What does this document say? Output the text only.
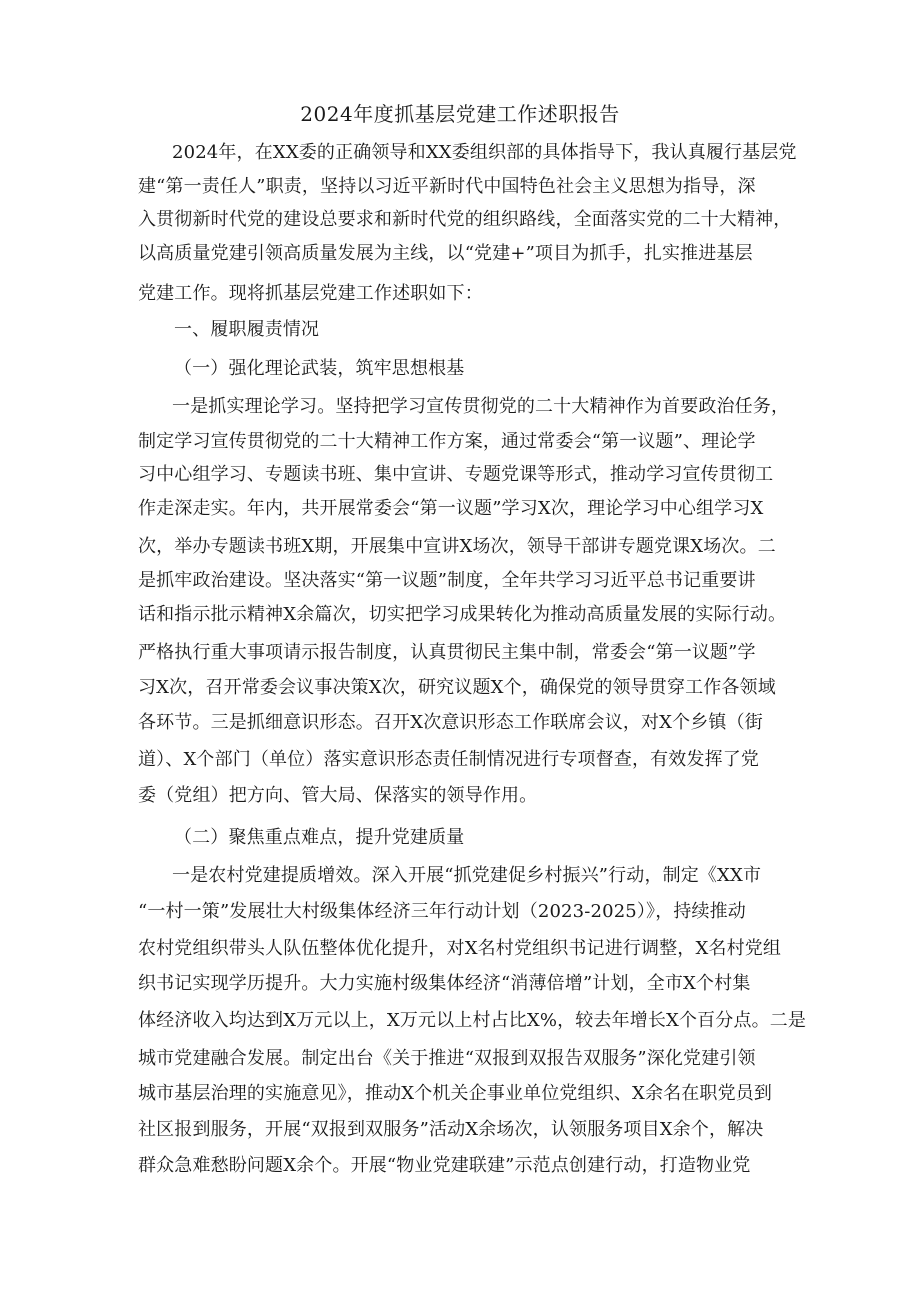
2024年度抓基层党建工作述职报告

2024年，在XX委的正确领导和XX委组织部的具体指导下，我认真履行基层党

建“第一责任人”职责，坚持以习近平新时代中国特色社会主义思想为指导，深

入贯彻新时代党的建设总要求和新时代党的组织路线，全面落实党的二十大精神，

以高质量党建引领高质量发展为主线，以“党建+”项目为抓手，扎实推进基层

党建工作。现将抓基层党建工作述职如下：

一、履职履责情况

（一）强化理论武装，筑牢思想根基

一是抓实理论学习。坚持把学习宣传贯彻党的二十大精神作为首要政治任务，

制定学习宣传贯彻党的二十大精神工作方案，通过常委会“第一议题”、理论学

习中心组学习、专题读书班、集中宣讲、专题党课等形式，推动学习宣传贯彻工

作走深走实。年内，共开展常委会“第一议题”学习X次，理论学习中心组学习X

次，举办专题读书班X期，开展集中宣讲X场次，领导干部讲专题党课X场次。二

是抓牢政治建设。坚决落实“第一议题”制度，全年共学习习近平总书记重要讲

话和指示批示精神X余篇次，切实把学习成果转化为推动高质量发展的实际行动。

严格执行重大事项请示报告制度，认真贯彻民主集中制，常委会“第一议题”学

习X次，召开常委会议事决策X次，研究议题X个，确保党的领导贯穿工作各领域

各环节。三是抓细意识形态。召开X次意识形态工作联席会议，对X个乡镇（街

道）、X个部门（单位）落实意识形态责任制情况进行专项督查，有效发挥了党

委（党组）把方向、管大局、保落实的领导作用。

（二）聚焦重点难点，提升党建质量

一是农村党建提质增效。深入开展“抓党建促乡村振兴”行动，制定《XX市

“一村一策”发展壮大村级集体经济三年行动计划（2023-2025）》，持续推动

农村党组织带头人队伍整体优化提升，对X名村党组织书记进行调整，X名村党组

织书记实现学历提升。大力实施村级集体经济“消薄倍增”计划，全市X个村集

体经济收入均达到X万元以上，X万元以上村占比X%，较去年增长X个百分点。二是

城市党建融合发展。制定出台《关于推进“双报到双报告双服务”深化党建引领

城市基层治理的实施意见》，推动X个机关企事业单位党组织、X余名在职党员到

社区报到服务，开展“双报到双服务”活动X余场次，认领服务项目X余个，解决

群众急难愁盼问题X余个。开展“物业党建联建”示范点创建行动，打造物业党
